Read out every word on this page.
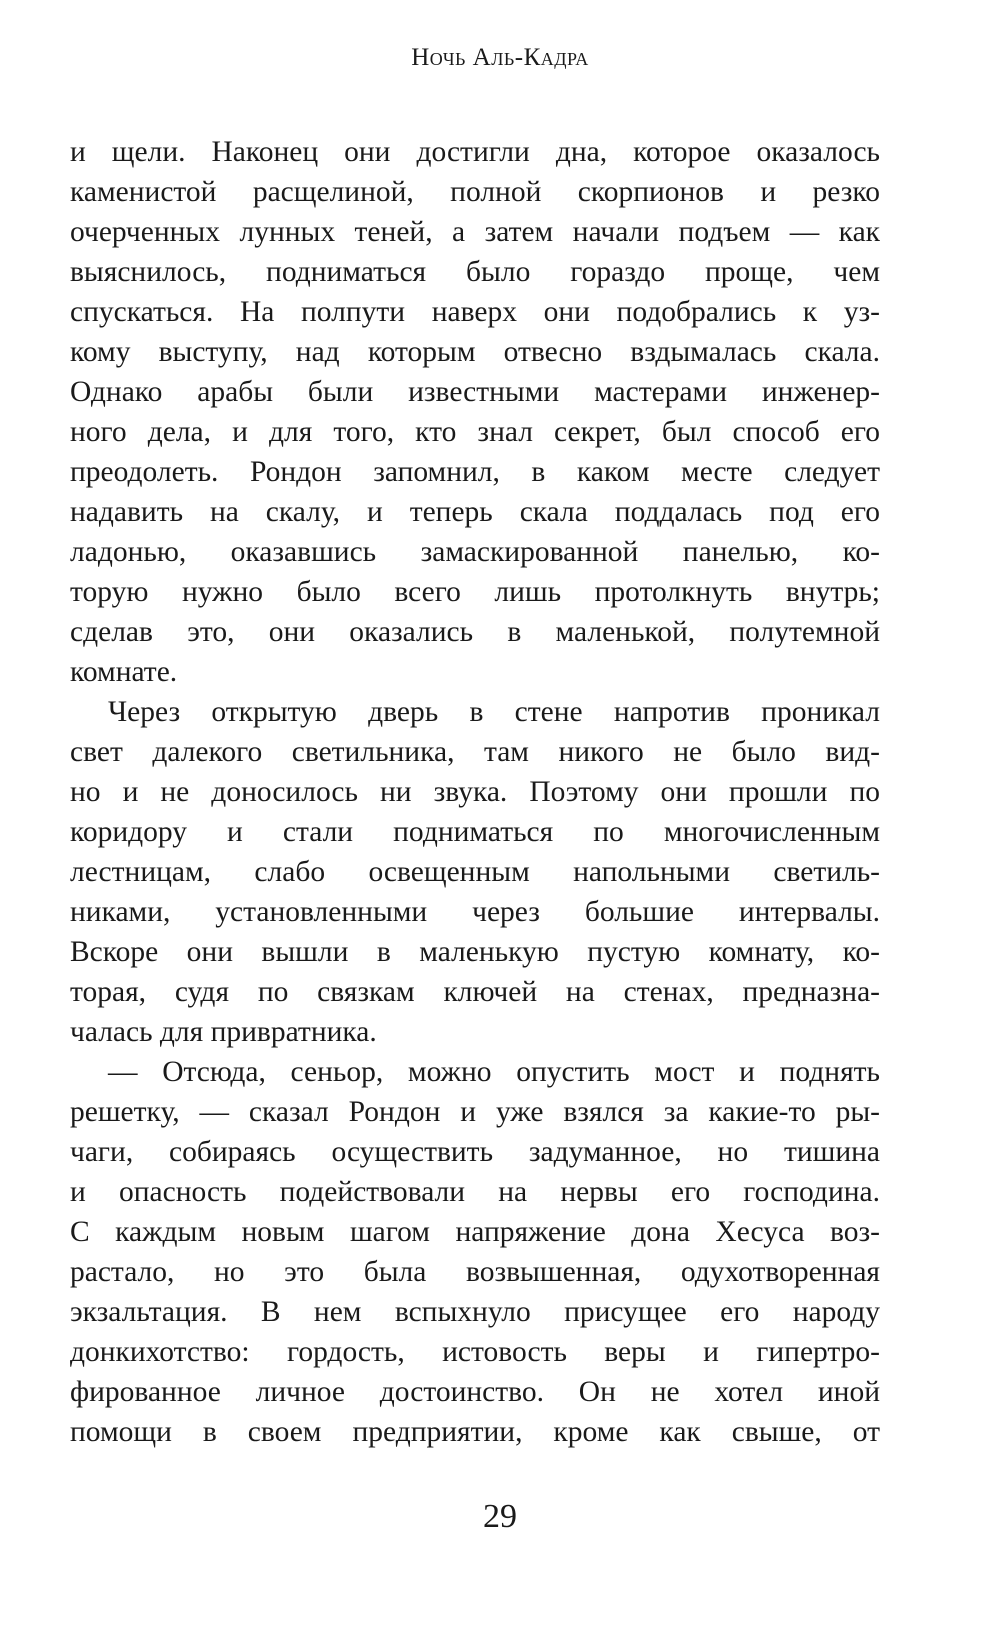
Ночь Аль-Кадра
и щели. Наконец они достигли дна, которое оказалось
каменистой расщелиной, полной скорпионов и резко
очерченных лунных теней, а затем начали подъем — как
выяснилось, подниматься было гораздо проще, чем
спускаться. На полпути наверх они подобрались к уз-
кому выступу, над которым отвесно вздымалась скала.
Однако арабы были известными мастерами инженер-
ного дела, и для того, кто знал секрет, был способ его
преодолеть. Рондон запомнил, в каком месте следует
надавить на скалу, и теперь скала поддалась под его
ладонью, оказавшись замаскированной панелью, ко-
торую нужно было всего лишь протолкнуть внутрь;
сделав это, они оказались в маленькой, полутемной
комнате.
Через открытую дверь в стене напротив проникал
свет далекого светильника, там никого не было вид-
но и не доносилось ни звука. Поэтому они прошли по
коридору и стали подниматься по многочисленным
лестницам, слабо освещенным напольными светиль-
никами, установленными через большие интервалы.
Вскоре они вышли в маленькую пустую комнату, ко-
торая, судя по связкам ключей на стенах, предназна-
чалась для привратника.
— Отсюда, сеньор, можно опустить мост и поднять
решетку, — сказал Рондон и уже взялся за какие-то ры-
чаги, собираясь осуществить задуманное, но тишина
и опасность подействовали на нервы его господина.
С каждым новым шагом напряжение дона Хесуса воз-
растало, но это была возвышенная, одухотворенная
экзальтация. В нем вспыхнуло присущее его народу
донкихотство: гордость, истовость веры и гипертро-
фированное личное достоинство. Он не хотел иной
помощи в своем предприятии, кроме как свыше, от
29
